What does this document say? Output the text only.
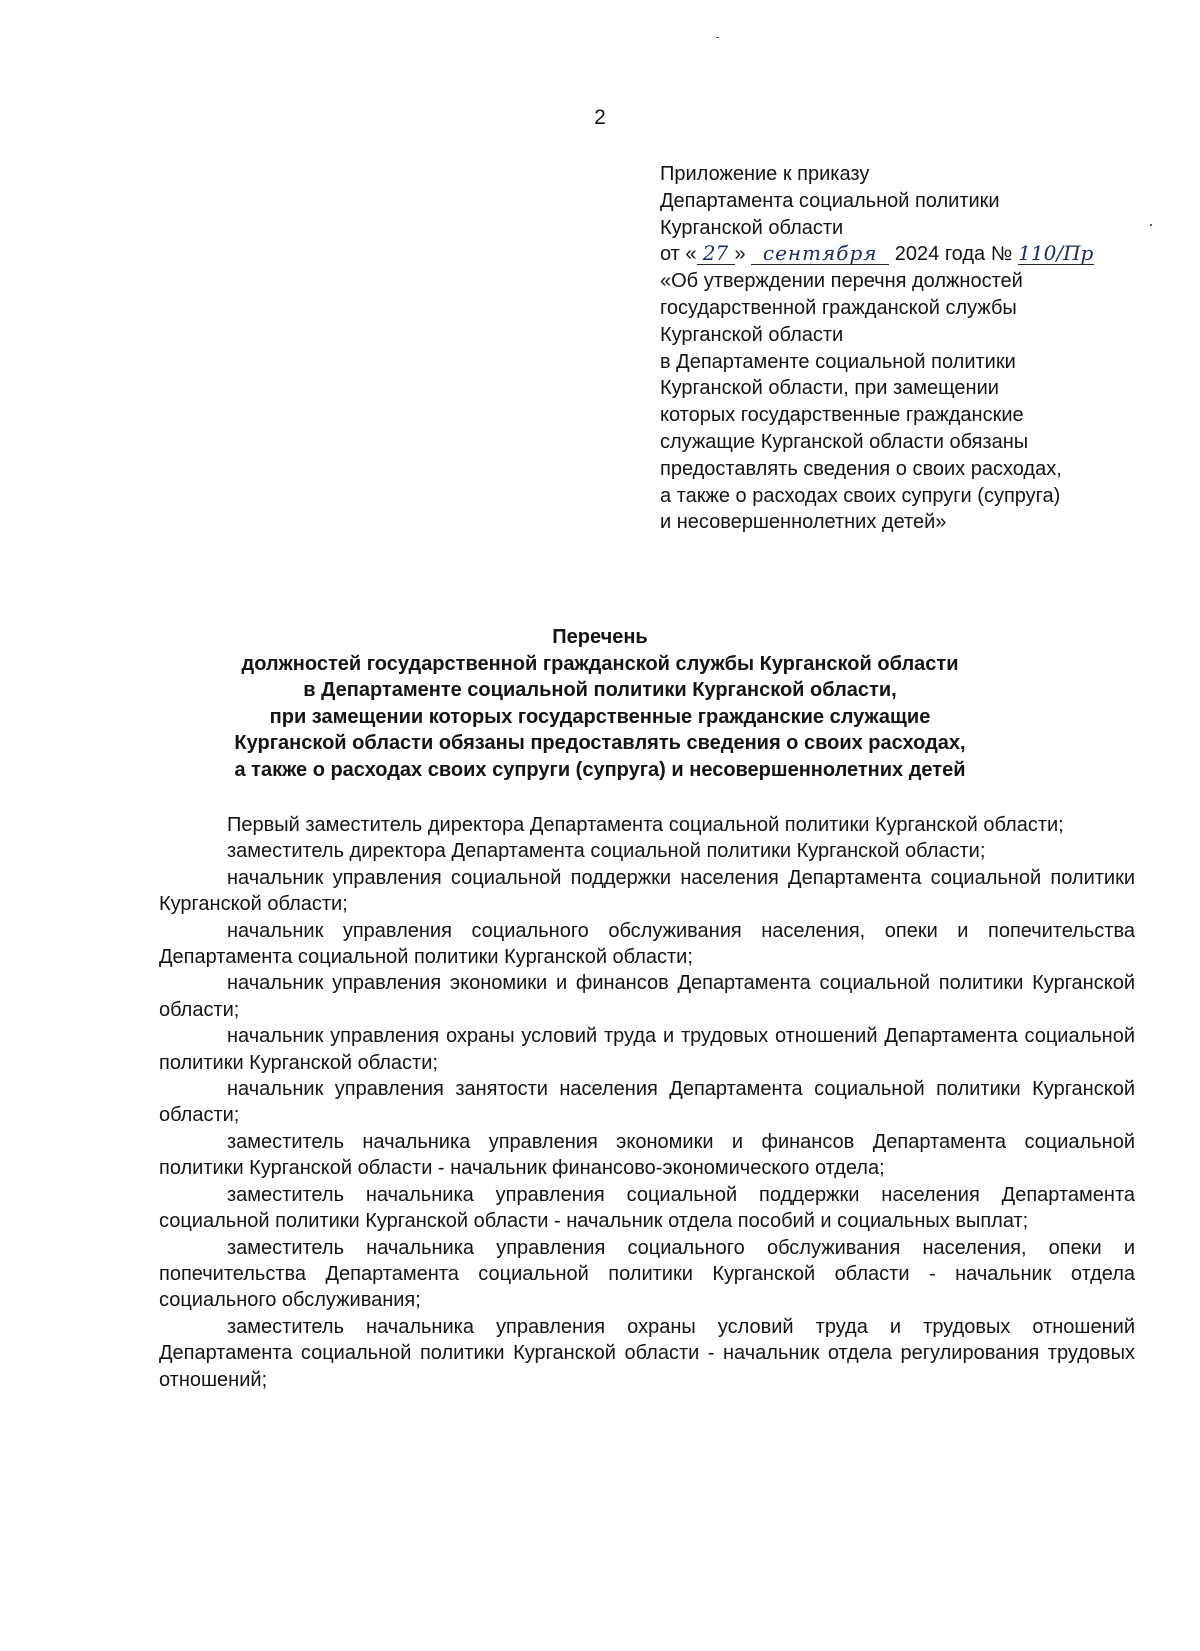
2
Приложение к приказу
Департамента социальной политики
Курганской области
от « 27 » сентября 2024 года № 110/Пр
«Об утверждении перечня должностей
государственной гражданской службы
Курганской области
в Департаменте социальной политики
Курганской области, при замещении
которых государственные гражданские
служащие Курганской области обязаны
предоставлять сведения о своих расходах,
а также о расходах своих супруги (супруга)
и несовершеннолетних детей»
Перечень
должностей государственной гражданской службы Курганской области
в Департаменте социальной политики Курганской области,
при замещении которых государственные гражданские служащие
Курганской области обязаны предоставлять сведения о своих расходах,
а также о расходах своих супруги (супруга) и несовершеннолетних детей

Первый заместитель директора Департамента социальной политики Курганской области;

заместитель директора Департамента социальной политики Курганской области;

начальник управления социальной поддержки населения Департамента социальной политики Курганской области;

начальник управления социального обслуживания населения, опеки и попечительства Департамента социальной политики Курганской области;

начальник управления экономики и финансов Департамента социальной политики Курганской области;

начальник управления охраны условий труда и трудовых отношений Департамента социальной политики Курганской области;

начальник управления занятости населения Департамента социальной политики Курганской области;

заместитель начальника управления экономики и финансов Департамента социальной политики Курганской области - начальник финансово-экономического отдела;

заместитель начальника управления социальной поддержки населения Департамента социальной политики Курганской области - начальник отдела пособий и социальных выплат;

заместитель начальника управления социального обслуживания населения, опеки и попечительства Департамента социальной политики Курганской области - начальник отдела социального обслуживания;

заместитель начальника управления охраны условий труда и трудовых отношений Департамента социальной политики Курганской области - начальник отдела регулирования трудовых отношений;
